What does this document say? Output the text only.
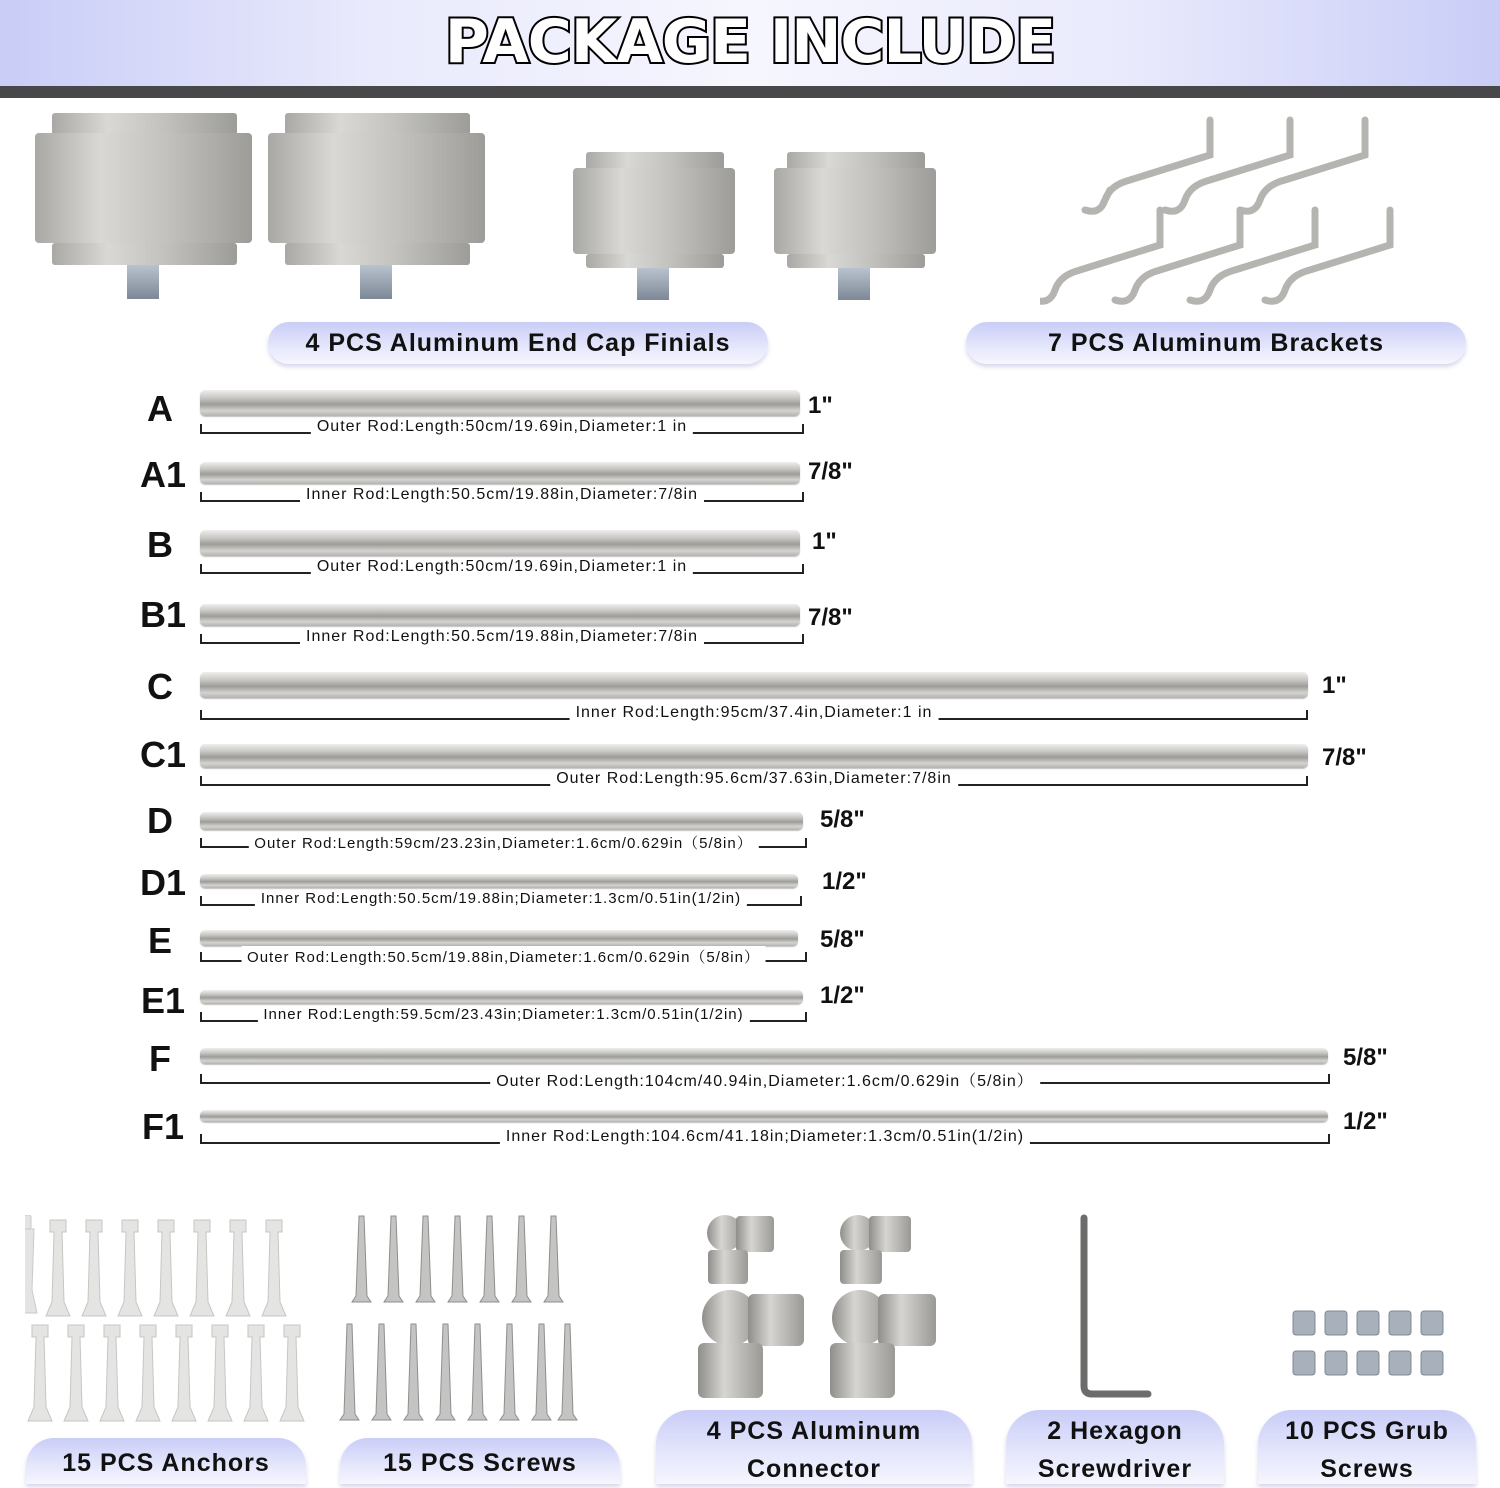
PACKAGE INCLUDE
4 PCS Aluminum End Cap Finials	7 PCS Aluminum Brackets
A	1"
Outer Rod:Length:50cm/19.69in,Diameter:1 in
A1	7/8"
Inner Rod:Length:50.5cm/19.88in,Diameter:7/8in
B	1"
Outer Rod:Length:50cm/19.69in,Diameter:1 in
B1	7/8"
Inner Rod:Length:50.5cm/19.88in,Diameter:7/8in
C	1"
Inner Rod:Length:95cm/37.4in,Diameter:1 in
C1	7/8"
Outer Rod:Length:95.6cm/37.63in,Diameter:7/8in
D	5/8"
Outer Rod:Length:59cm/23.23in,Diameter:1.6cm/0.629in（5/8in）
D1	1/2"
Inner Rod:Length:50.5cm/19.88in;Diameter:1.3cm/0.51in(1/2in)
E	5/8"
Outer Rod:Length:50.5cm/19.88in,Diameter:1.6cm/0.629in（5/8in）
E1	1/2"
Inner Rod:Length:59.5cm/23.43in;Diameter:1.3cm/0.51in(1/2in)
F	5/8"
Outer Rod:Length:104cm/40.94in,Diameter:1.6cm/0.629in（5/8in）
F1	1/2"
Inner Rod:Length:104.6cm/41.18in;Diameter:1.3cm/0.51in(1/2in)
15 PCS Anchors	15 PCS Screws
4 PCS Aluminum
Connector
2 Hexagon
Screwdriver
10 PCS Grub
Screws
